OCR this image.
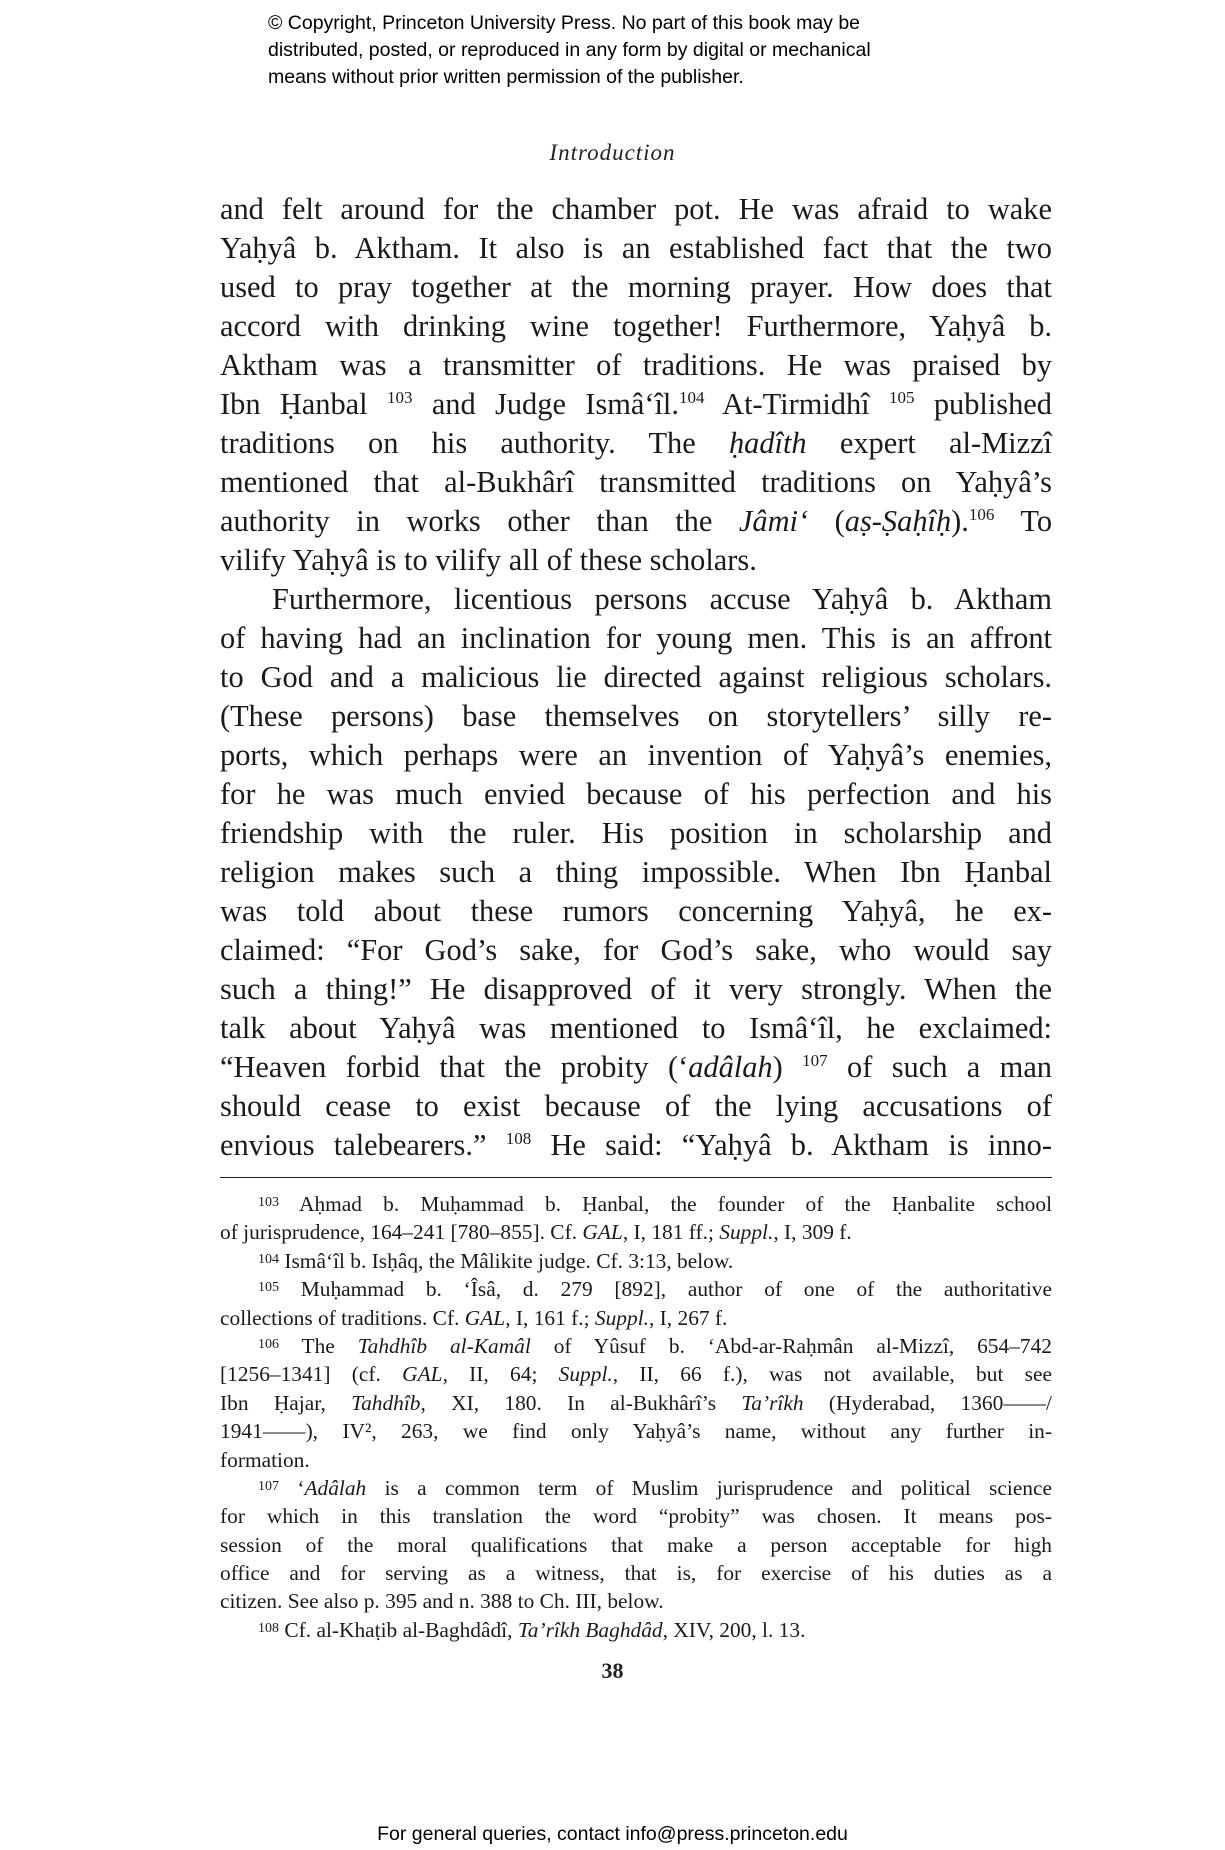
© Copyright, Princeton University Press. No part of this book may be
distributed, posted, or reproduced in any form by digital or mechanical
means without prior written permission of the publisher.
Introduction
and felt around for the chamber pot. He was afraid to wake
Yaḥyâ b. Aktham. It also is an established fact that the two
used to pray together at the morning prayer. How does that
accord with drinking wine together! Furthermore, Yaḥyâ b.
Aktham was a transmitter of traditions. He was praised by
Ibn Ḥanbal $^{103}$ and Judge Ismâ‘îl.$^{104}$ At-Tirmidhî $^{105}$ published
traditions on his authority. The ḥadîth expert al-Mizzî
mentioned that al-Bukhârî transmitted traditions on Yaḥyâ’s
authority in works other than the Jâmi‘ (aṣ-Ṣaḥîḥ).$^{106}$ To
vilify Yaḥyâ is to vilify all of these scholars.
Furthermore, licentious persons accuse Yaḥyâ b. Aktham
of having had an inclination for young men. This is an affront
to God and a malicious lie directed against religious scholars.
(These persons) base themselves on storytellers’ silly re-
ports, which perhaps were an invention of Yaḥyâ’s enemies,
for he was much envied because of his perfection and his
friendship with the ruler. His position in scholarship and
religion makes such a thing impossible. When Ibn Ḥanbal
was told about these rumors concerning Yaḥyâ, he ex-
claimed: “For God’s sake, for God’s sake, who would say
such a thing!” He disapproved of it very strongly. When the
talk about Yaḥyâ was mentioned to Ismâ‘îl, he exclaimed:
“Heaven forbid that the probity (‘adâlah) $^{107}$ of such a man
should cease to exist because of the lying accusations of
envious talebearers.” $^{108}$ He said: “Yaḥyâ b. Aktham is inno-
$^{103}$ Aḥmad b. Muḥammad b. Ḥanbal, the founder of the Ḥanbalite school
of jurisprudence, 164–241 [780–855]. Cf. GAL, I, 181 ff.; Suppl., I, 309 f.
$^{104}$ Ismâ‘îl b. Isḥâq, the Mâlikite judge. Cf. 3:13, below.
$^{105}$ Muḥammad b. ‘Îsâ, d. 279 [892], author of one of the authoritative
collections of traditions. Cf. GAL, I, 161 f.; Suppl., I, 267 f.
$^{106}$ The Tahdhîb al-Kamâl of Yûsuf b. ‘Abd-ar-Raḥmân al-Mizzî, 654–742
[1256–1341] (cf. GAL, II, 64; Suppl., II, 66 f.), was not available, but see
Ibn Ḥajar, Tahdhîb, XI, 180. In al-Bukhârî’s Ta’rîkh (Hyderabad, 1360——/
1941——), IV², 263, we find only Yaḥyâ’s name, without any further in-
formation.
$^{107}$ ‘Adâlah is a common term of Muslim jurisprudence and political science
for which in this translation the word “probity” was chosen. It means pos-
session of the moral qualifications that make a person acceptable for high
office and for serving as a witness, that is, for exercise of his duties as a
citizen. See also p. 395 and n. 388 to Ch. III, below.
$^{108}$ Cf. al-Khaṭib al-Baghdâdî, Ta’rîkh Baghdâd, XIV, 200, l. 13.
38
For general queries, contact info@press.princeton.edu
